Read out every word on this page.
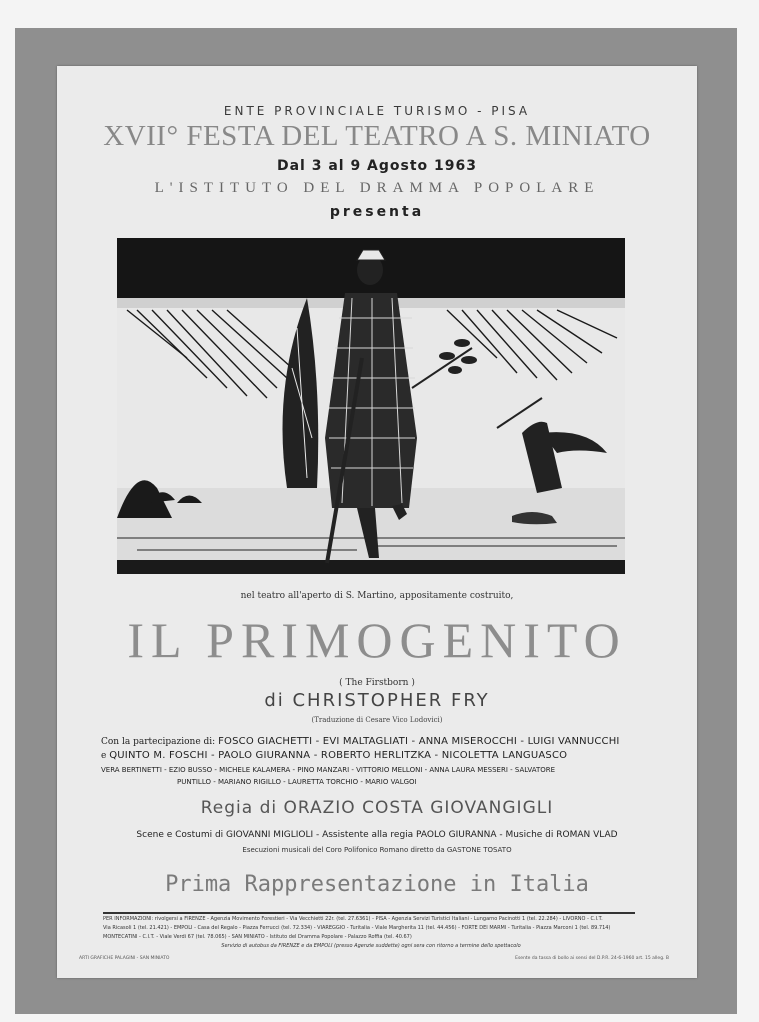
ENTE PROVINCIALE TURISMO - PISA
XVII° FESTA DEL TEATRO A S. MINIATO
Dal 3 al 9 Agosto 1963
L'ISTITUTO DEL DRAMMA POPOLARE
presenta
nel teatro all'aperto di S. Martino, appositamente costruito,
IL PRIMOGENITO
( The Firstborn )
di CHRISTOPHER FRY
(Traduzione di Cesare Vico Lodovici)
Con la partecipazione di: FOSCO GIACHETTI - EVI MALTAGLIATI - ANNA MISEROCCHI - LUIGI VANNUCCHI
e QUINTO M. FOSCHI - PAOLO GIURANNA - ROBERTO HERLITZKA - NICOLETTA LANGUASCO
VERA BERTINETTI - EZIO BUSSO - MICHELE KALAMERA - PINO MANZARI - VITTORIO MELLONI - ANNA LAURA MESSERI - SALVATORE
PUNTILLO - MARIANO RIGILLO - LAURETTA TORCHIO - MARIO VALGOI
Regia di ORAZIO COSTA GIOVANGIGLI
Scene e Costumi di GIOVANNI MIGLIOLI - Assistente alla regia PAOLO GIURANNA - Musiche di ROMAN VLAD
Esecuzioni musicali del Coro Polifonico Romano diretto da GASTONE TOSATO
Prima Rappresentazione in Italia
PER INFORMAZIONI: rivolgersi a FIRENZE - Agenzia Movimento Forestieri - Via Vecchietti 22r. (tel. 27.6361) - PISA - Agenzia Servizi Turistici Italiani - Lungarno Pacinotti 1 (tel. 22.284) - LIVORNO - C.I.T.
Via Ricasoli 1 (tel. 21.421) - EMPOLI - Casa del Regalo - Piazza Ferrucci (tel. 72.334) - VIAREGGIO - Turitalia - Viale Margherita 11 (tel. 44.456) - FORTE DEI MARMI - Turitalia - Piazza Marconi 1 (tel. 89.714)
MONTECATINI - C.I.T. - Viale Verdi 67 (tel. 78.065) - SAN MINIATO - Istituto del Dramma Popolare - Palazzo Roffia (tel. 40.67)
Servizio di autobus da FIRENZE e da EMPOLI (presso Agenzie suddette) ogni sera con ritorno a termine dello spettacolo
ARTI GRAFICHE PALAGINI - SAN MINIATO	Esente da tassa di bollo ai sensi del D.P.R. 24-6-1960 art. 15 alleg. B
